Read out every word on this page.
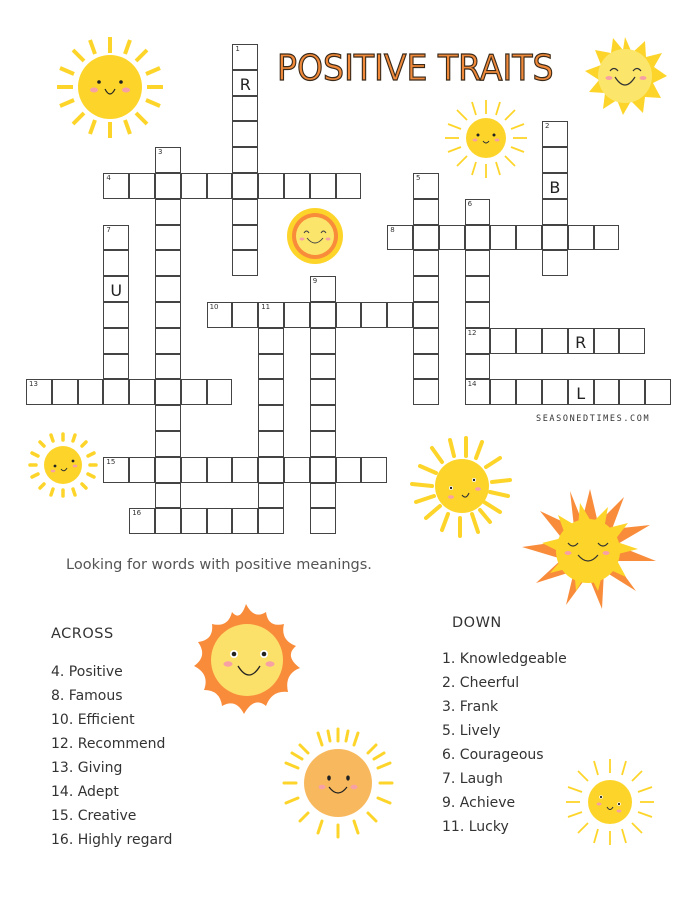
POSITIVE TRAITS
1
R
2
B
3
4	5
6
12
14
7
U
8
9
10	11
R
13	L
15
16
SEASONEDTIMES.COM
Looking for words with positive meanings.
ACROSS
4. Positive
8. Famous
10. Efficient
12. Recommend
13. Giving
14. Adept
15. Creative
16. Highly regard
DOWN
1. Knowledgeable
2. Cheerful
3. Frank
5. Lively
6. Courageous
7. Laugh
9. Achieve
11. Lucky
